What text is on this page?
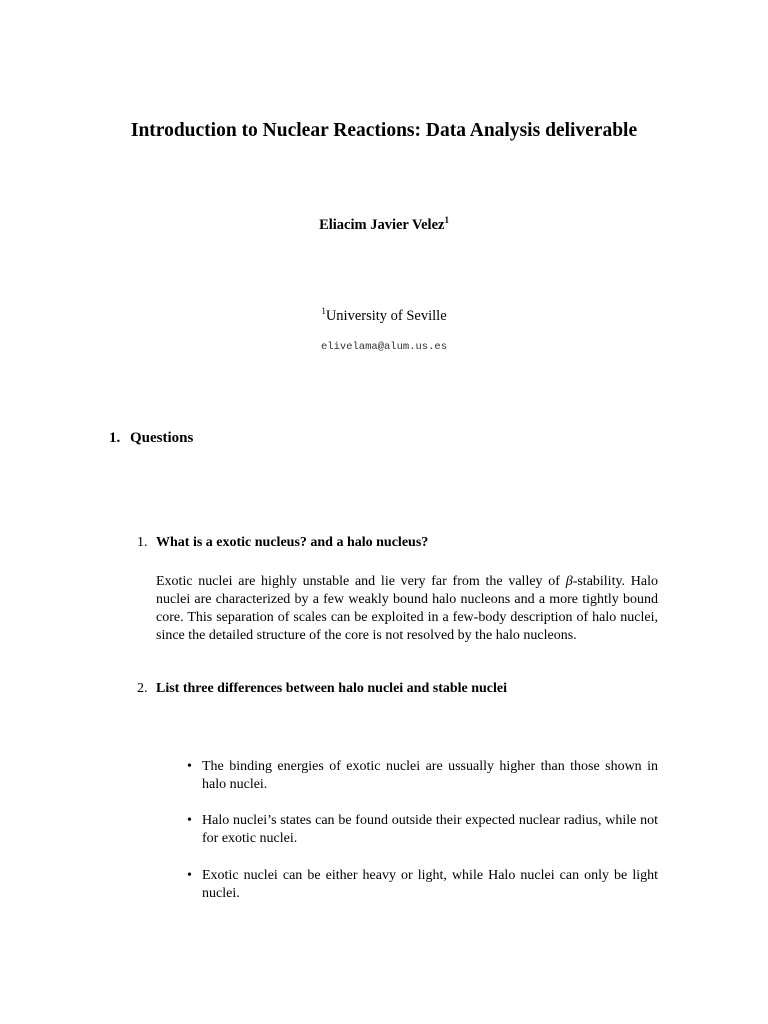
Introduction to Nuclear Reactions: Data Analysis deliverable
Eliacim Javier Velez$^1$
$^1$University of Seville
elivelama@alum.us.es
1. Questions
1. What is a exotic nucleus? and a halo nucleus?

Exotic nuclei are highly unstable and lie very far from the valley of β-stability. Halo nuclei are characterized by a few weakly bound halo nucleons and a more tightly bound core. This separation of scales can be exploited in a few-body description of halo nuclei, since the detailed structure of the core is not resolved by the halo nucleons.

2. List three differences between halo nuclei and stable nuclei
• The binding energies of exotic nuclei are ussually higher than those shown in halo nuclei.
• Halo nuclei’s states can be found outside their expected nuclear radius, while not for exotic nuclei.
• Exotic nuclei can be either heavy or light, while Halo nuclei can only be light nuclei.
